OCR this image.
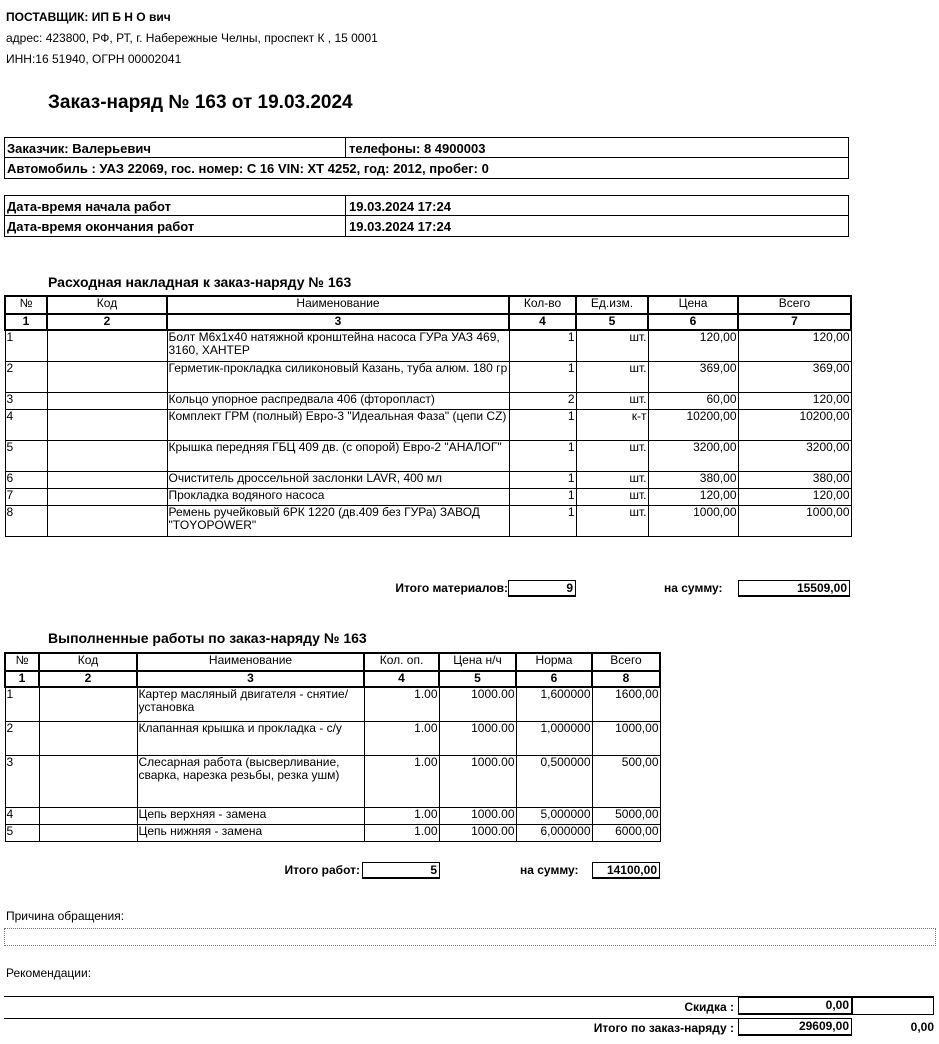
ПОСТАВЩИК: ИП Б Н О вич
адрес: 423800, РФ, РТ, г. Набережные Челны, проспект К , 15 0001
ИНН:16 51940, ОГРН 00002041
Заказ-наряд № 163 от 19.03.2024
Заказчик: Валерьевич	телефоны: 8 4900003
Автомобиль : УАЗ 22069, гос. номер: С 16 VIN: ХТ 4252, год: 2012, пробег: 0
Дата-время начала работ	19.03.2024 17:24
Дата-время окончания работ	19.03.2024 17:24
Расходная накладная к заказ-наряду № 163
№	Код	Наименование	Кол-во	Ед.изм.	Цена	Всего
1	2	3	4	5	6	7
1		Болт М6х1х40 натяжной кронштейна насоса ГУРа УАЗ 469, 3160, ХАНТЕР	1	шт.	120,00	120,00
2		Герметик-прокладка силиконовый Казань, туба алюм. 180 гр	1	шт.	369,00	369,00
3		Кольцо упорное распредвала 406 (фторопласт)	2	шт.	60,00	120,00
4		Комплект ГРМ (полный) Евро-3 "Идеальная Фаза" (цепи CZ)	1	к-т	10200,00	10200,00
5		Крышка передняя ГБЦ 409 дв. (с опорой) Евро-2 "АНАЛОГ"	1	шт.	3200,00	3200,00
6		Очиститель дроссельной заслонки LAVR, 400 мл	1	шт.	380,00	380,00
7		Прокладка водяного насоса	1	шт.	120,00	120,00
8		Ремень ручейковый 6РК 1220 (дв.409 без ГУРа) ЗАВОД "TOYOPOWER"	1	шт.	1000,00	1000,00
Итого материалов:	9	на сумму:	15509,00
Выполненные работы по заказ-наряду № 163
№	Код	Наименование	Кол. оп.	Цена н/ч	Норма	Всего
1	2	3	4	5	6	8
1		Картер масляный двигателя - снятие/установка	1.00	1000.00	1,600000	1600,00
2		Клапанная крышка и прокладка - с/у	1.00	1000.00	1,000000	1000,00
3		Слесарная работа (высверливание, сварка, нарезка резьбы, резка ушм)	1.00	1000.00	0,500000	500,00
4		Цепь верхняя - замена	1.00	1000.00	5,000000	5000,00
5		Цепь нижняя - замена	1.00	1000.00	6,000000	6000,00
Итого работ:	5	на сумму:	14100,00
Причина обращения:
Рекомендации:
Скидка :	0,00
Итого по заказ-наряду :	29609,00	0,00
